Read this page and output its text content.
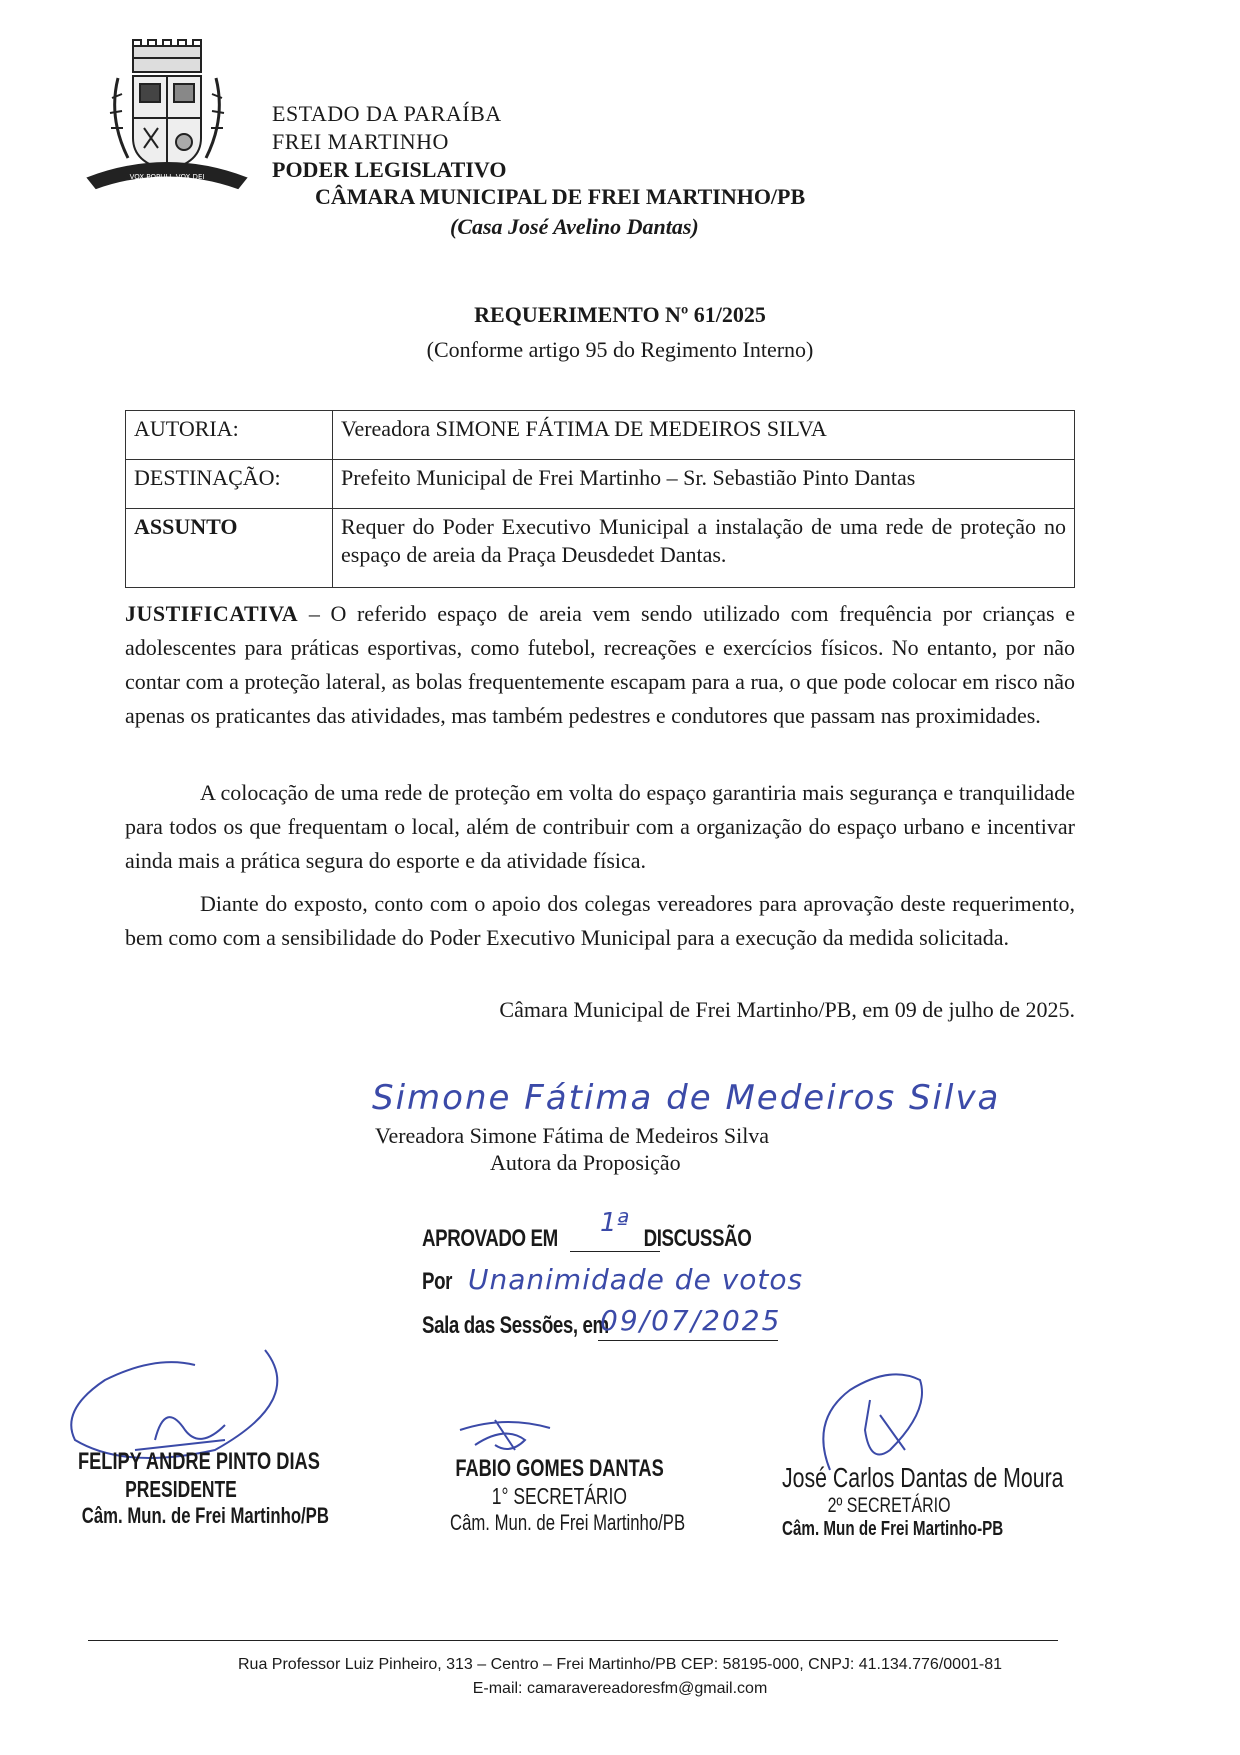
VOX POPULI, VOX DEI
ESTADO DA PARAÍBA
FREI MARTINHO
PODER LEGISLATIVO
CÂMARA MUNICIPAL DE FREI MARTINHO/PB
(Casa José Avelino Dantas)
REQUERIMENTO Nº 61/2025
(Conforme artigo 95 do Regimento Interno)
AUTORIA:	Vereadora SIMONE FÁTIMA DE MEDEIROS SILVA
DESTINAÇÃO:	Prefeito Municipal de Frei Martinho – Sr. Sebastião Pinto Dantas
ASSUNTO	Requer do Poder Executivo Municipal a instalação de uma rede de proteção no espaço de areia da Praça Deusdedet Dantas.
JUSTIFICATIVA – O referido espaço de areia vem sendo utilizado com frequência por crianças e adolescentes para práticas esportivas, como futebol, recreações e exercícios físicos. No entanto, por não contar com a proteção lateral, as bolas frequentemente escapam para a rua, o que pode colocar em risco não apenas os praticantes das atividades, mas também pedestres e condutores que passam nas proximidades.
A colocação de uma rede de proteção em volta do espaço garantiria mais segurança e tranquilidade para todos os que frequentam o local, além de contribuir com a organização do espaço urbano e incentivar ainda mais a prática segura do esporte e da atividade física.
Diante do exposto, conto com o apoio dos colegas vereadores para aprovação deste requerimento, bem como com a sensibilidade do Poder Executivo Municipal para a execução da medida solicitada.
Câmara Municipal de Frei Martinho/PB, em 09 de julho de 2025.
Simone Fátima de Medeiros Silva
Vereadora Simone Fátima de Medeiros Silva
Autora da Proposição
APROVADO EM	DISCUSSÃO
1ª
Por Unanimidade de votos
Sala das Sessões, em
09/07/2025
FELIPY ANDRE PINTO DIAS
PRESIDENTE
Câm. Mun. de Frei Martinho/PB
FABIO GOMES DANTAS
1° SECRETÁRIO
Câm. Mun. de Frei Martinho/PB
José Carlos Dantas de Moura
2º SECRETÁRIO
Câm. Mun de Frei Martinho-PB
Rua Professor Luiz Pinheiro, 313 – Centro – Frei Martinho/PB CEP: 58195-000, CNPJ: 41.134.776/0001-81
E-mail: camaravereadoresfm@gmail.com
